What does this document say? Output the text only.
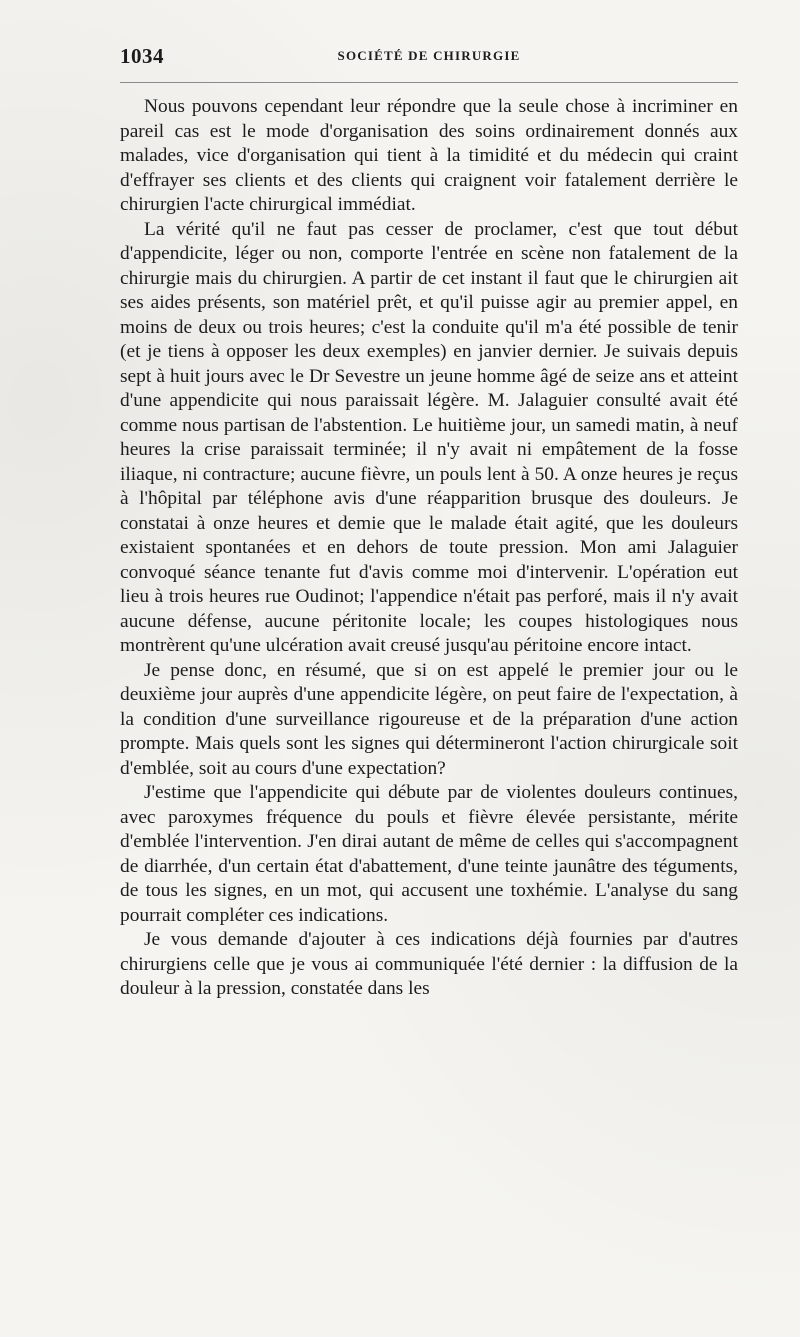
1034	SOCIÉTÉ DE CHIRURGIE

Nous pouvons cependant leur répondre que la seule chose à incriminer en pareil cas est le mode d'organisation des soins ordinairement donnés aux malades, vice d'organisation qui tient à la timidité et du médecin qui craint d'effrayer ses clients et des clients qui craignent voir fatalement derrière le chirurgien l'acte chirurgical immédiat.

La vérité qu'il ne faut pas cesser de proclamer, c'est que tout début d'appendicite, léger ou non, comporte l'entrée en scène non fatalement de la chirurgie mais du chirurgien. A partir de cet instant il faut que le chirurgien ait ses aides présents, son matériel prêt, et qu'il puisse agir au premier appel, en moins de deux ou trois heures; c'est la conduite qu'il m'a été possible de tenir (et je tiens à opposer les deux exemples) en janvier dernier. Je suivais depuis sept à huit jours avec le Dr Sevestre un jeune homme âgé de seize ans et atteint d'une appendicite qui nous paraissait légère. M. Jalaguier consulté avait été comme nous partisan de l'abstention. Le huitième jour, un samedi matin, à neuf heures la crise paraissait terminée; il n'y avait ni empâtement de la fosse iliaque, ni contracture; aucune fièvre, un pouls lent à 50. A onze heures je reçus à l'hôpital par téléphone avis d'une réapparition brusque des douleurs. Je constatai à onze heures et demie que le malade était agité, que les douleurs existaient spontanées et en dehors de toute pression. Mon ami Jalaguier convoqué séance tenante fut d'avis comme moi d'intervenir. L'opération eut lieu à trois heures rue Oudinot; l'appendice n'était pas perforé, mais il n'y avait aucune défense, aucune péritonite locale; les coupes histologiques nous montrèrent qu'une ulcération avait creusé jusqu'au péritoine encore intact.

Je pense donc, en résumé, que si on est appelé le premier jour ou le deuxième jour auprès d'une appendicite légère, on peut faire de l'expectation, à la condition d'une surveillance rigoureuse et de la préparation d'une action prompte. Mais quels sont les signes qui détermineront l'action chirurgicale soit d'emblée, soit au cours d'une expectation?

J'estime que l'appendicite qui débute par de violentes douleurs continues, avec paroxymes fréquence du pouls et fièvre élevée persistante, mérite d'emblée l'intervention. J'en dirai autant de même de celles qui s'accompagnent de diarrhée, d'un certain état d'abattement, d'une teinte jaunâtre des téguments, de tous les signes, en un mot, qui accusent une toxhémie. L'analyse du sang pourrait compléter ces indications.

Je vous demande d'ajouter à ces indications déjà fournies par d'autres chirurgiens celle que je vous ai communiquée l'été dernier : la diffusion de la douleur à la pression, constatée dans les
